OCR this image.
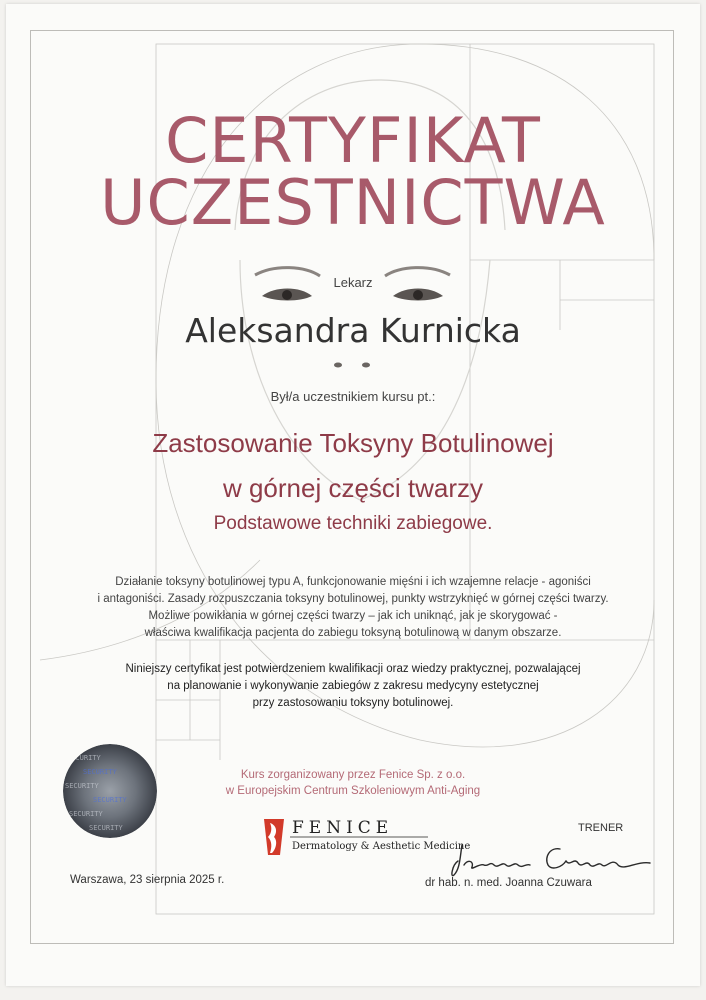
CERTYFIKAT
UCZESTNICTWA
Lekarz
Aleksandra Kurnicka
Był/a uczestnikiem kursu pt.:
Zastosowanie Toksyny Botulinowej
w górnej części twarzy
Podstawowe techniki zabiegowe.
Działanie toksyny botulinowej typu A, funkcjonowanie mięśni i ich wzajemne relacje - agoniści
i antagoniści. Zasady rozpuszczania toksyny botulinowej, punkty wstrzyknięć w górnej części twarzy.
Możliwe powikłania w górnej części twarzy – jak ich uniknąć, jak je skorygować -
właściwa kwalifikacja pacjenta do zabiegu toksyną botulinową w danym obszarze.
Niniejszy certyfikat jest potwierdzeniem kwalifikacji oraz wiedzy praktycznej, pozwalającej
na planowanie i wykonywanie zabiegów z zakresu medycyny estetycznej
przy zastosowaniu toksyny botulinowej.
SECURITY
SECURITY
SECURITY
SECURITY
SECURITY
SECURITY
Kurs zorganizowany przez Fenice Sp. z o.o.
w Europejskim Centrum Szkoleniowym Anti-Aging
FENICE
Dermatology & Aesthetic Medicine
TRENER
Joanna Czuwara
Warszawa, 23 sierpnia 2025 r.	dr hab. n. med. Joanna Czuwara
